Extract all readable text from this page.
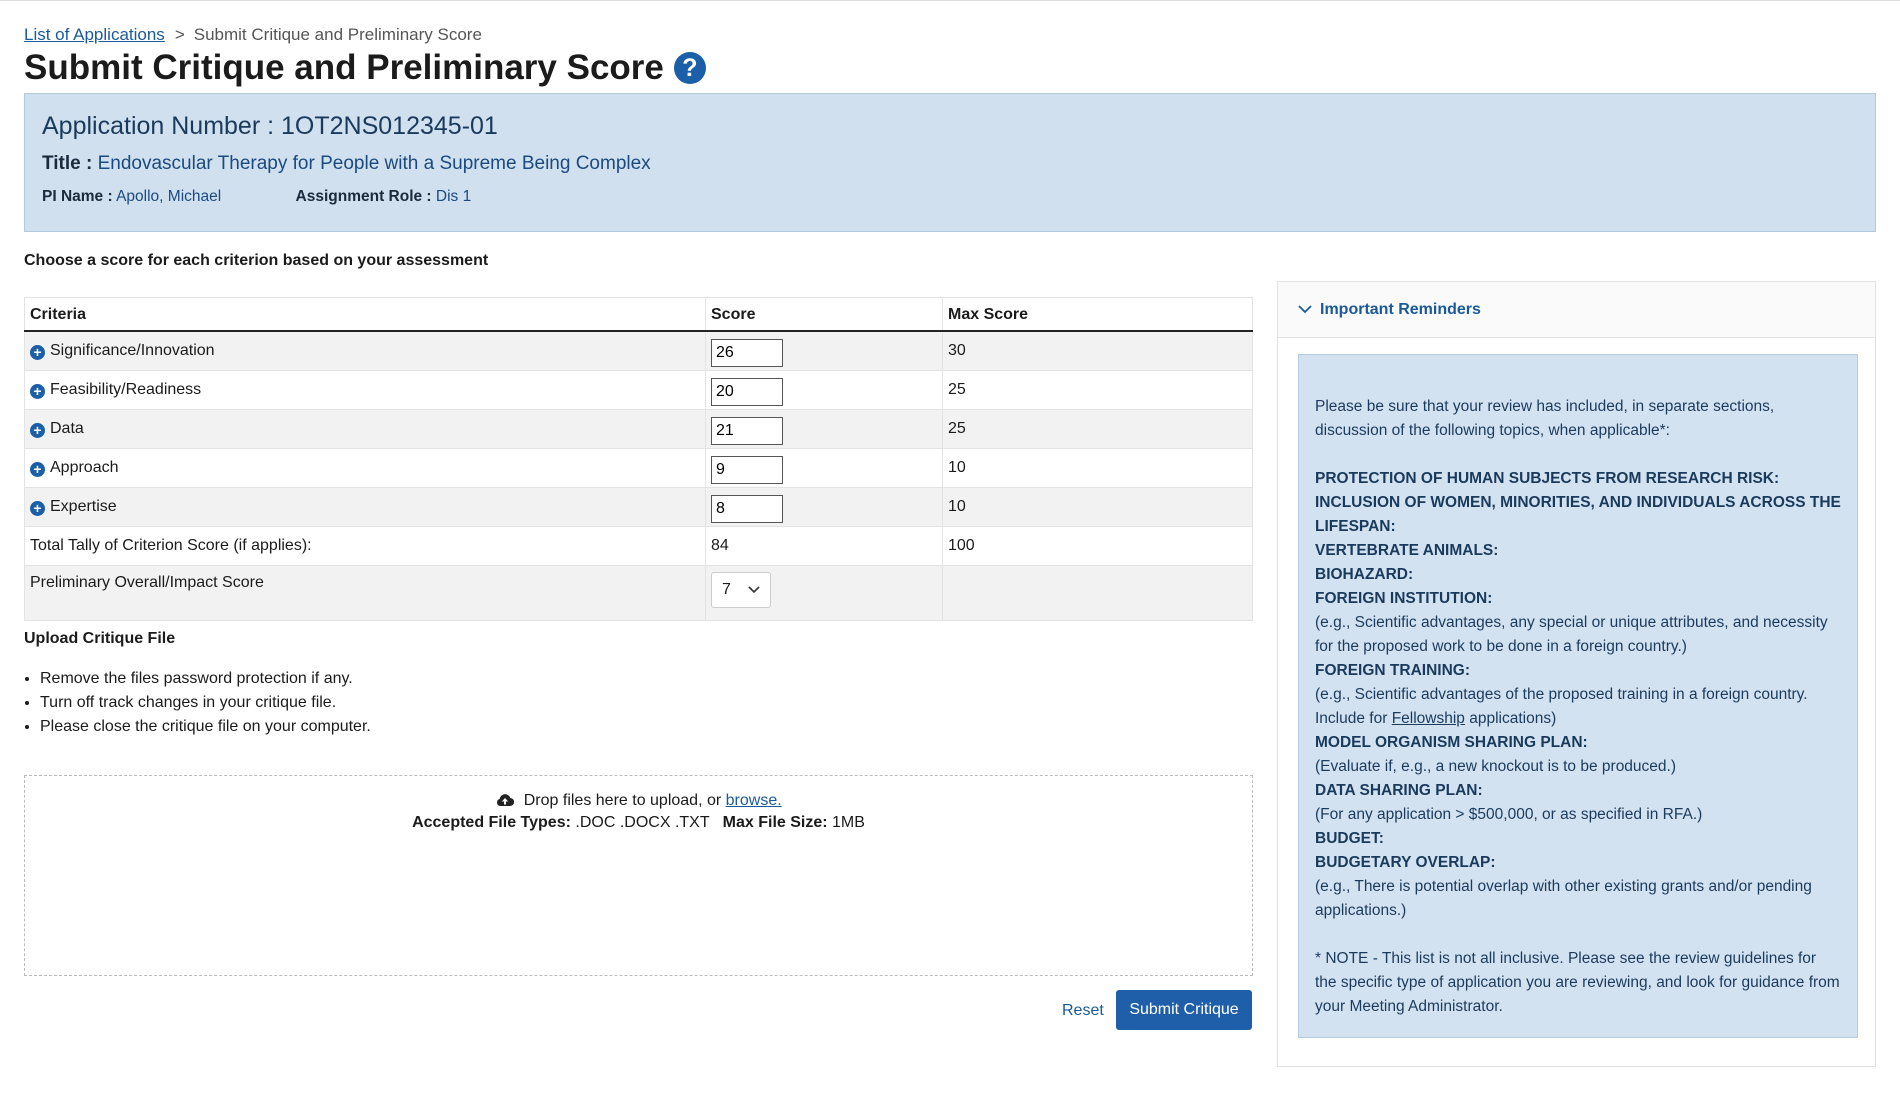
List of Applications > Submit Critique and Preliminary Score
Submit Critique and Preliminary Score ?
Application Number : 1OT2NS012345-01
Title : Endovascular Therapy for People with a Supreme Being Complex
PI Name : Apollo, Michael	Assignment Role : Dis 1
Choose a score for each criterion based on your assessment
Criteria	Score	Max Score
+ Significance/Innovation	26	30
+ Feasibility/Readiness	20	25
+ Data	21	25
+ Approach	9	10
+ Expertise	8	10
Total Tally of Criterion Score (if applies):	84	100
Preliminary Overall/Impact Score	7	

Upload Critique File
• Remove the files password protection if any.
• Turn off track changes in your critique file.
• Please close the critique file on your computer.
Drop files here to upload, or browse.
Accepted File Types: .DOC .DOCX .TXT Max File Size: 1MB
Reset	Submit Critique
Important Reminders
Please be sure that your review has included, in separate sections, discussion of the following topics, when applicable*:
PROTECTION OF HUMAN SUBJECTS FROM RESEARCH RISK:
INCLUSION OF WOMEN, MINORITIES, AND INDIVIDUALS ACROSS THE LIFESPAN:
VERTEBRATE ANIMALS:
BIOHAZARD:
FOREIGN INSTITUTION:
(e.g., Scientific advantages, any special or unique attributes, and necessity for the proposed work to be done in a foreign country.)
FOREIGN TRAINING:
(e.g., Scientific advantages of the proposed training in a foreign country. Include for Fellowship applications)
MODEL ORGANISM SHARING PLAN:
(Evaluate if, e.g., a new knockout is to be produced.)
DATA SHARING PLAN:
(For any application > $500,000, or as specified in RFA.)
BUDGET:
BUDGETARY OVERLAP:
(e.g., There is potential overlap with other existing grants and/or pending applications.)
* NOTE - This list is not all inclusive. Please see the review guidelines for the specific type of application you are reviewing, and look for guidance from your Meeting Administrator.
